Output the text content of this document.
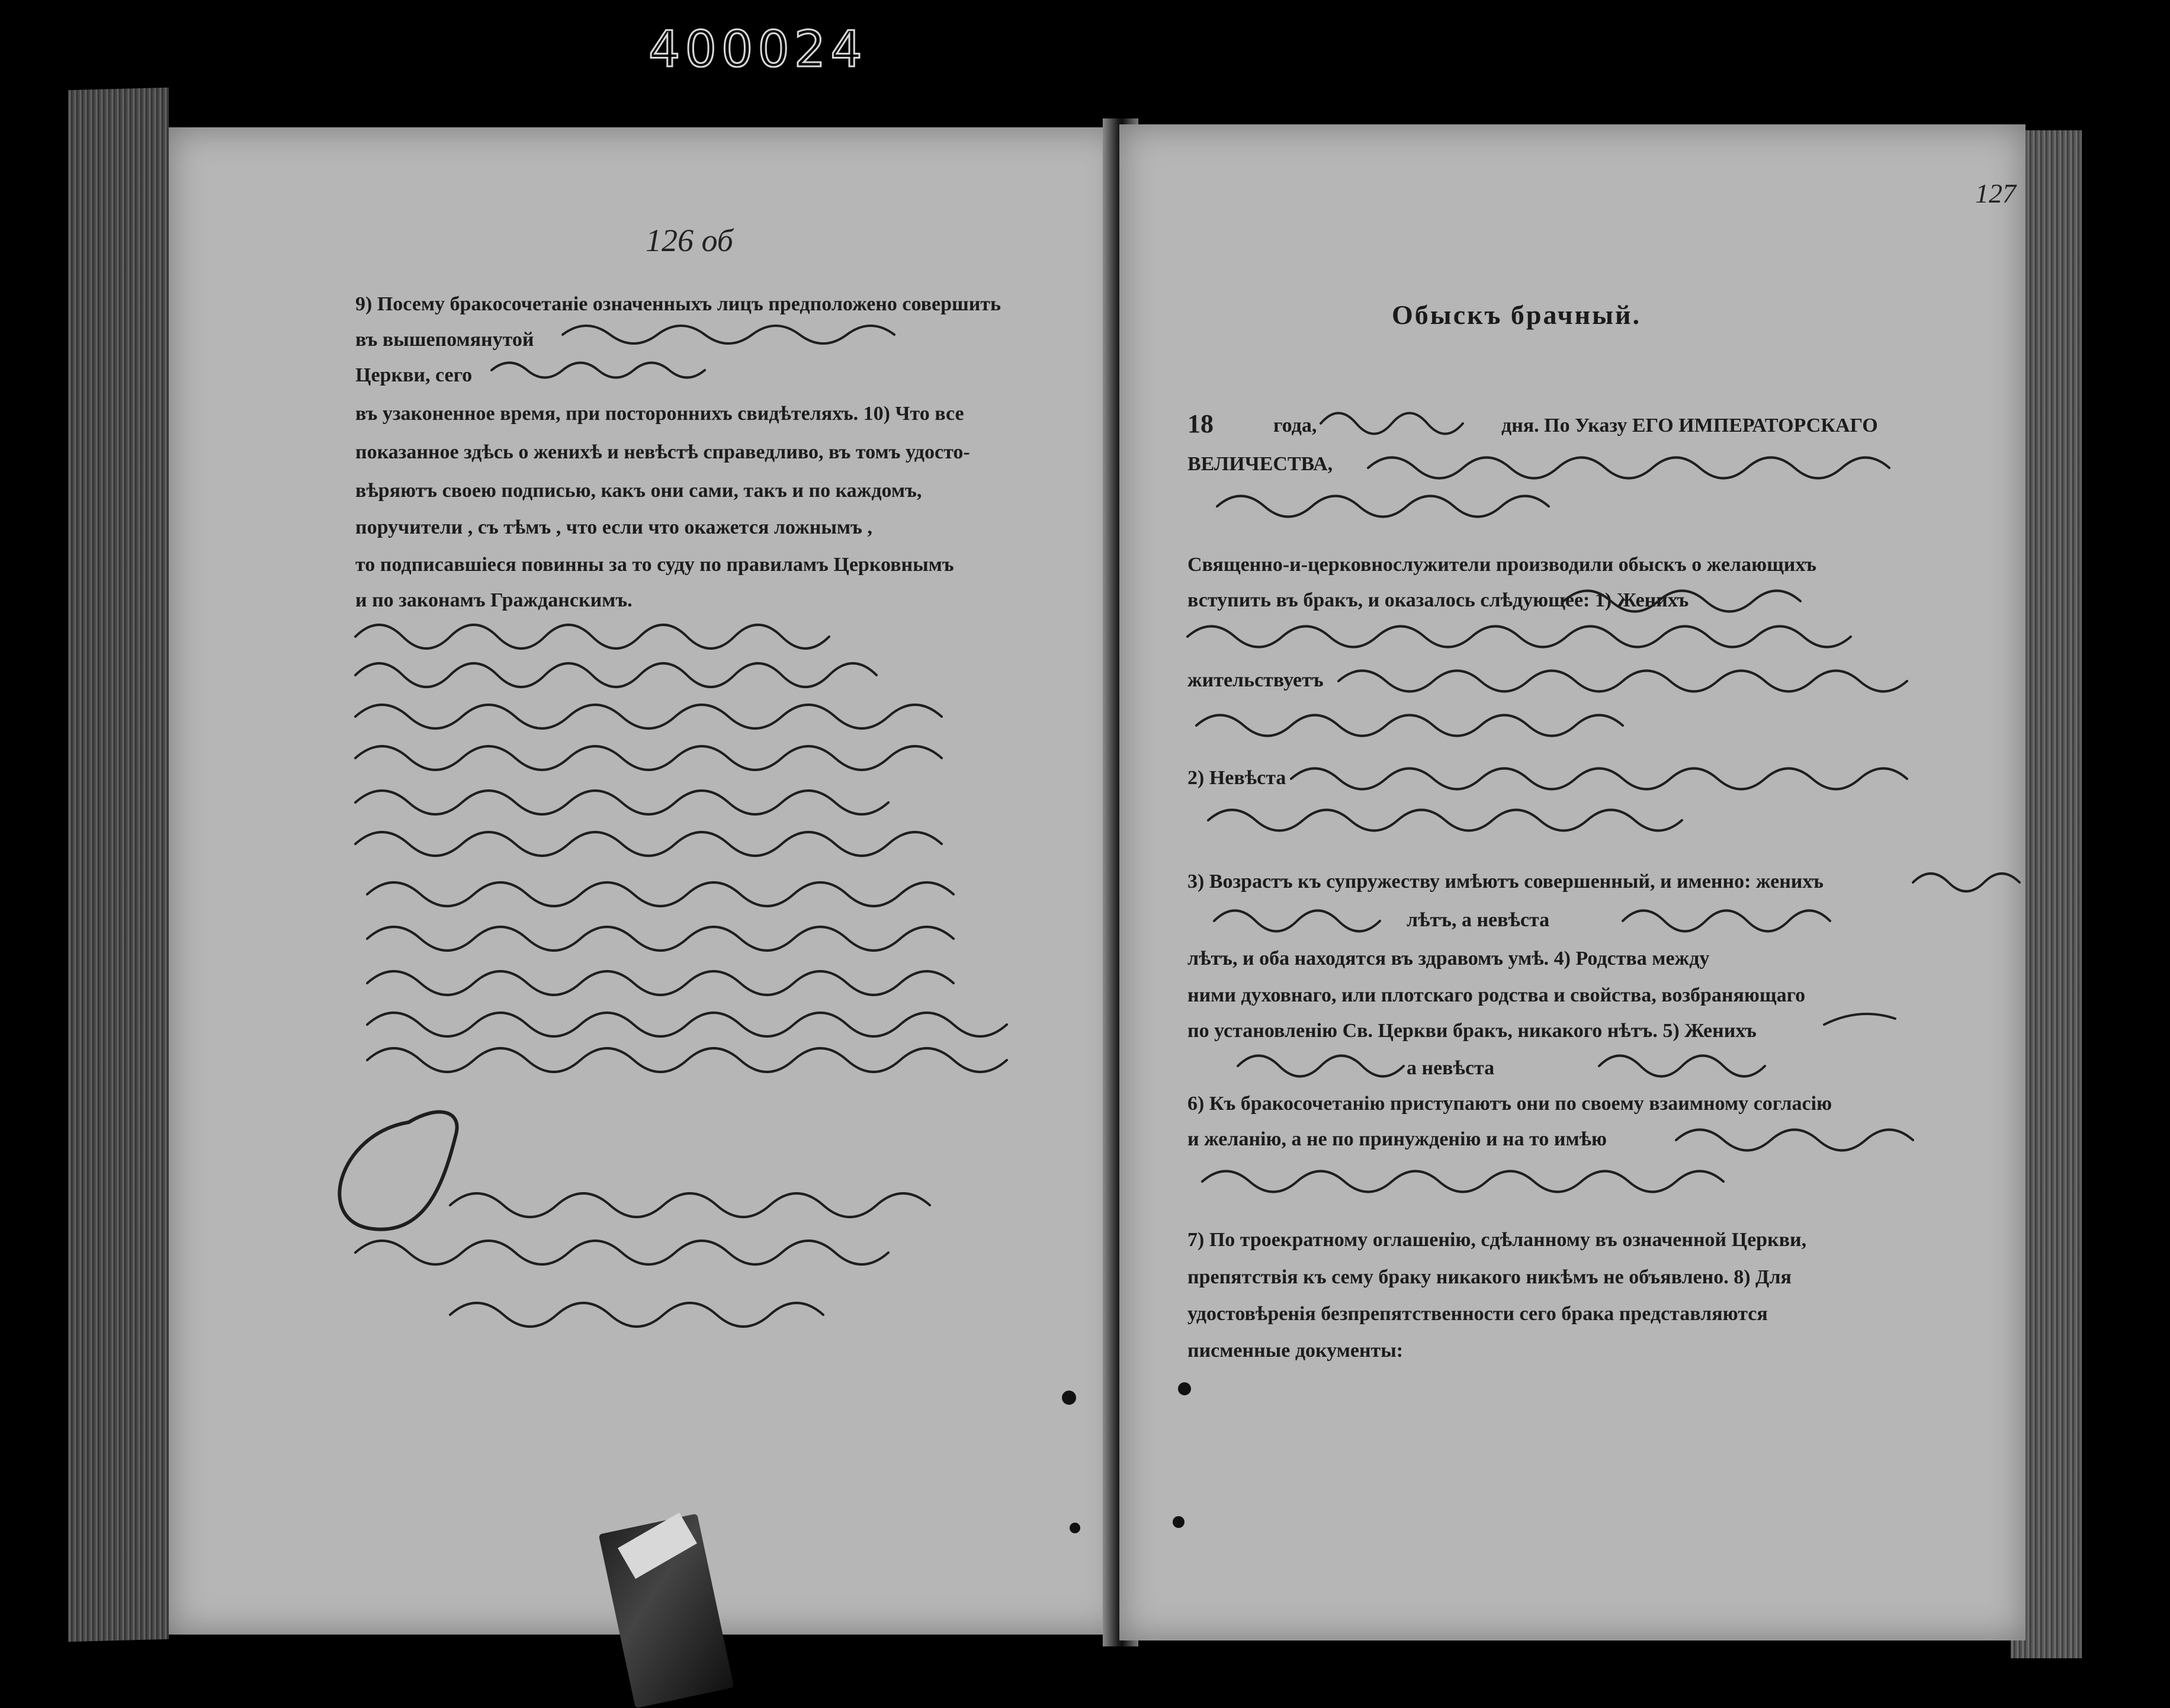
400024
126 об
9) Посему бракосочетаніе означенныхъ лицъ предположено совершить
въ вышепомянутой
Церкви, сего
въ узаконенное время, при постороннихъ свидѣтеляхъ. 10) Что все
показанное здѣсь о женихѣ и невѣстѣ справедливо, въ томъ удосто-
вѣряютъ своею подписью, какъ они сами, такъ и по каждомъ,
поручители , съ тѣмъ , что если что окажется ложнымъ ,
то подписавшіеся повинны за то суду по правиламъ Церковнымъ
и по законамъ Гражданскимъ.
127
Обыскъ брачный.
18	года,	дня. По Указу ЕГО ИМПЕРАТОРСКАГО
ВЕЛИЧЕСТВА,
Священно-и-церковнослужители производили обыскъ о желающихъ
вступить въ бракъ, и оказалось слѣдующее: 1) Женихъ
жительствуетъ
2) Невѣста
3) Возрастъ къ супружеству имѣютъ совершенный, и именно: женихъ
лѣтъ, а невѣста
лѣтъ, и оба находятся въ здравомъ умѣ. 4) Родства между
ними духовнаго, или плотскаго родства и свойства, возбраняющаго
по установленію Св. Церкви бракъ, никакого нѣтъ. 5) Женихъ
а невѣста
6) Къ бракосочетанію приступаютъ они по своему взаимному согласію
и желанію, а не по принужденію и на то имѣю
7) По троекратному оглашенію, сдѣланному въ означенной Церкви,
препятствія къ сему браку никакого никѣмъ не объявлено. 8) Для
удостовѣренія безпрепятственности сего брака представляются
писменные документы:
